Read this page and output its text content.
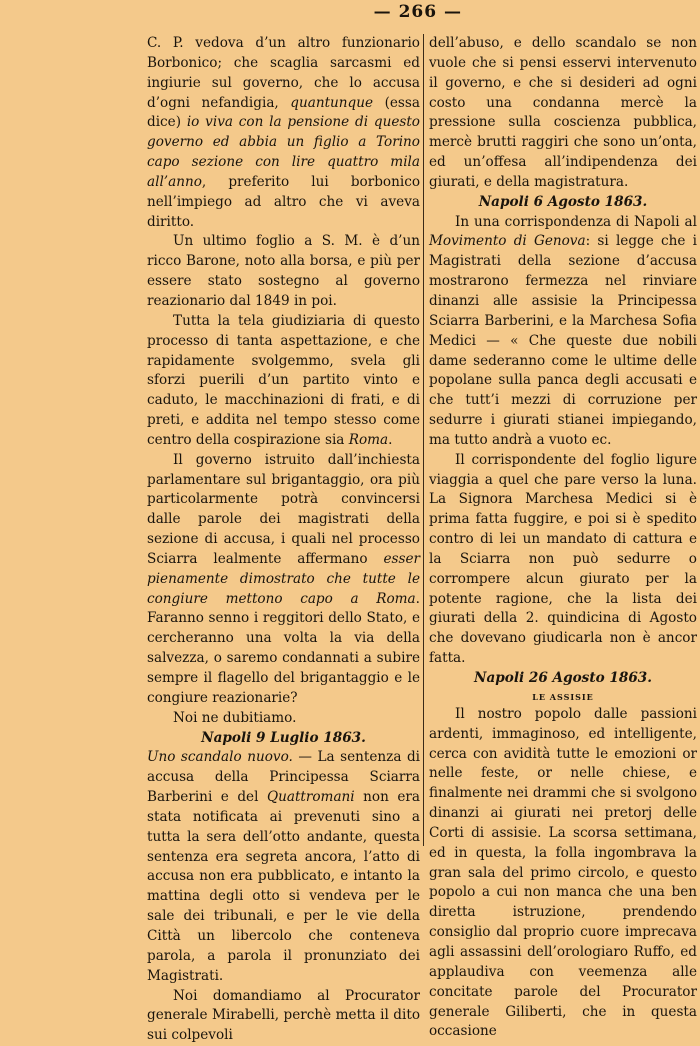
— 266 —

C. P. vedova d’un altro funzionario Borbonico; che scaglia sarcasmi ed ingiurie sul governo, che lo accusa d’ogni nefandigia, quantunque (essa dice) io viva con la pensione di questo governo ed abbia un figlio a Torino capo sezione con lire quattro mila all’anno, preferito lui borbonico nell’impiego ad altro che vi aveva diritto.

Un ultimo foglio a S. M. è d’un ricco Barone, noto alla borsa, e più per essere stato sostegno al governo reazionario dal 1849 in poi.

Tutta la tela giudiziaria di questo processo di tanta aspettazione, e che rapidamente svolgemmo, svela gli sforzi puerili d’un partito vinto e caduto, le macchinazioni di frati, e di preti, e addita nel tempo stesso come centro della cospirazione sia Roma.

Il governo istruito dall’inchiesta parlamentare sul brigantaggio, ora più particolarmente potrà convincersi dalle parole dei magistrati della sezione di accusa, i quali nel processo Sciarra lealmente affermano esser pienamente dimostrato che tutte le congiure mettono capo a Roma. Faranno senno i reggitori dello Stato, e cercheranno una volta la via della salvezza, o saremo condannati a subire sempre il flagello del brigantaggio e le congiure reazionarie?

Noi ne dubitiamo.

Napoli 9 Luglio 1863.

Uno scandalo nuovo. — La sentenza di accusa della Principessa Sciarra Barberini e del Quattromani non era stata notificata ai prevenuti sino a tutta la sera dell’otto andante, questa sentenza era segreta ancora, l’atto di accusa non era pubblicato, e intanto la mattina degli otto si vendeva per le sale dei tribunali, e per le vie della Città un libercolo che conteneva parola, a parola il pronunziato dei Magistrati.

Noi domandiamo al Procurator generale Mirabelli, perchè metta il dito sui colpevoli

dell’abuso, e dello scandalo se non vuole che si pensi esservi intervenuto il governo, e che si desideri ad ogni costo una condanna mercè la pressione sulla coscienza pubblica, mercè brutti raggiri che sono un’onta, ed un’offesa all’indipendenza dei giurati, e della magistratura.

Napoli 6 Agosto 1863.

In una corrispondenza di Napoli al Movimento di Genova: si legge che i Magistrati della sezione d’accusa mostrarono fermezza nel rinviare dinanzi alle assisie la Principessa Sciarra Barberini, e la Marchesa Sofia Medici — « Che queste due nobili dame sederanno come le ultime delle popolane sulla panca degli accusati e che tutt’i mezzi di corruzione per sedurre i giurati stianei impiegando, ma tutto andrà a vuoto ec.

Il corrispondente del foglio ligure viaggia a quel che pare verso la luna. La Signora Marchesa Medici si è prima fatta fuggire, e poi si è spedito contro di lei un mandato di cattura e la Sciarra non può sedurre o corrompere alcun giurato per la potente ragione, che la lista dei giurati della 2. quindicina di Agosto che dovevano giudicarla non è ancor fatta.

Napoli 26 Agosto 1863.

LE ASSISIE

Il nostro popolo dalle passioni ardenti, immaginoso, ed intelligente, cerca con avidità tutte le emozioni or nelle feste, or nelle chiese, e finalmente nei drammi che si svolgono dinanzi ai giurati nei pretorj delle Corti di assisie. La scorsa settimana, ed in questa, la folla ingombrava la gran sala del primo circolo, e questo popolo a cui non manca che una ben diretta istruzione, prendendo consiglio dal proprio cuore imprecava agli assassini dell’orologiaro Ruffo, ed applaudiva con veemenza alle concitate parole del Procurator generale Giliberti, che in questa occasione
